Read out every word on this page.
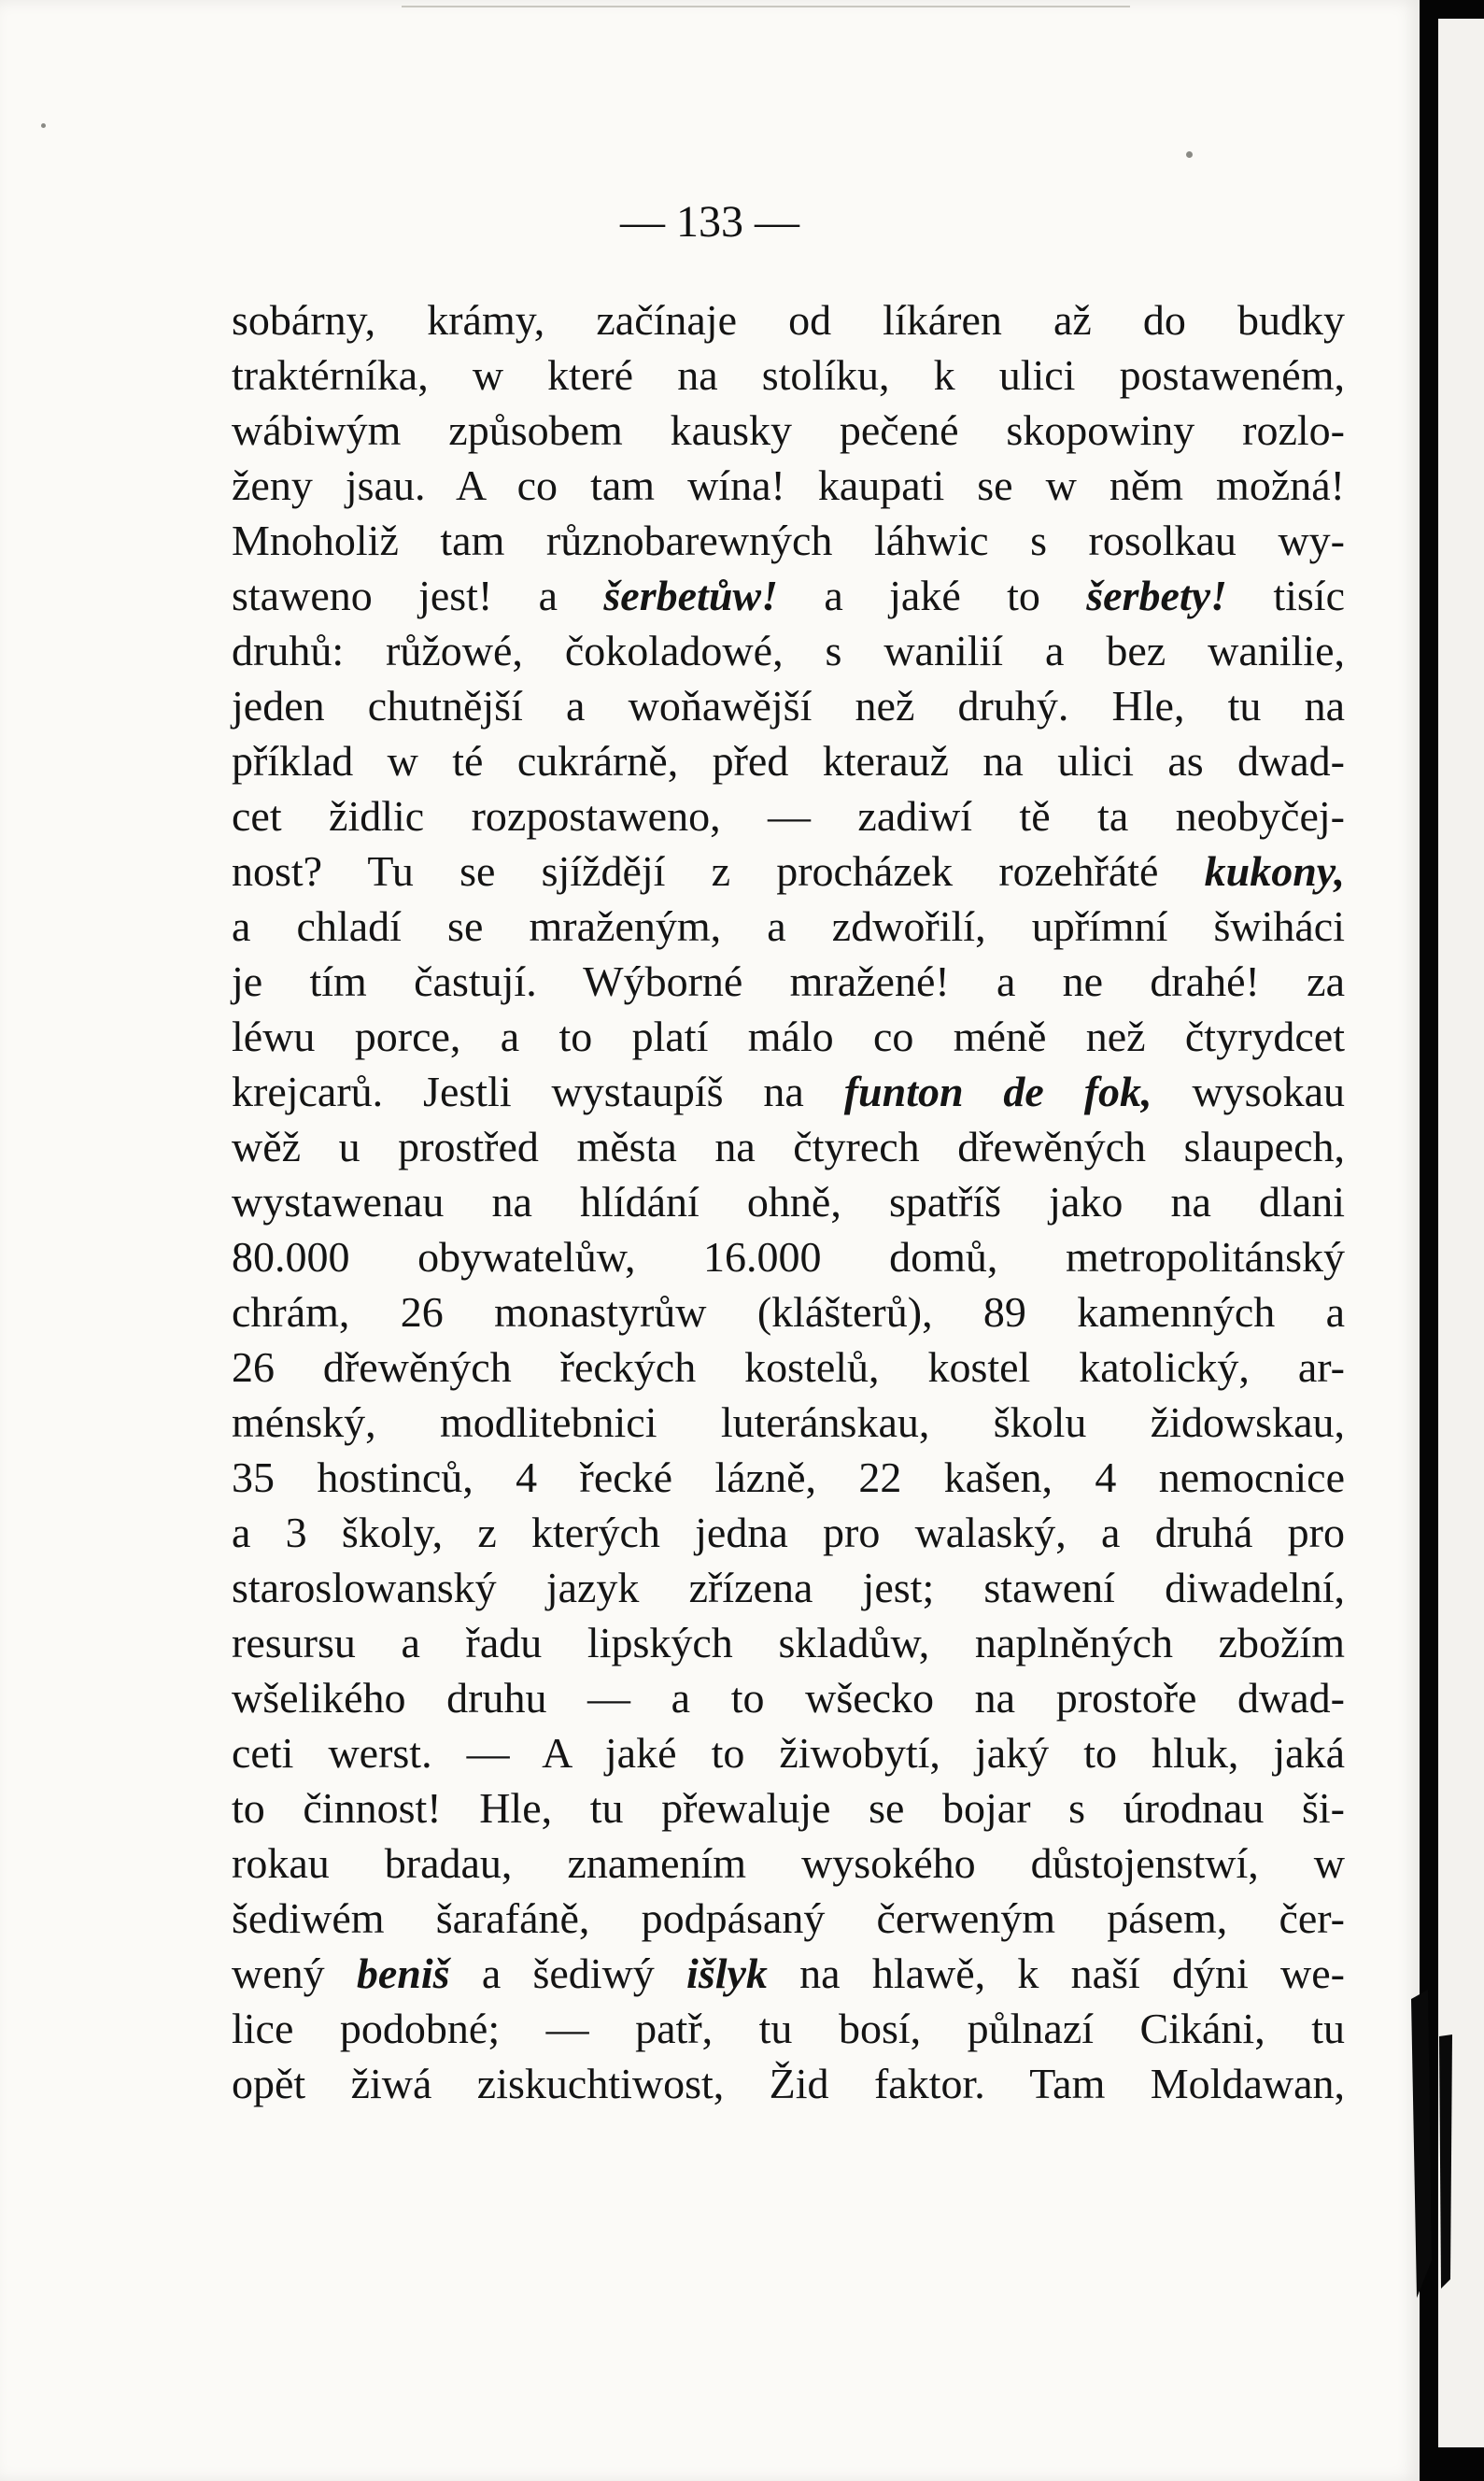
— 133 —
sobárny, krámy, začínaje od líkáren až do budky
traktérníka, w které na stolíku, k ulici postaweném,
wábiwým způsobem kausky pečené skopowiny rozlo-
ženy jsau. A co tam wína! kaupati se w něm možná!
Mnoholiž tam různobarewných láhwic s rosolkau wy-
staweno jest! a šerbetůw! a jaké to šerbety! tisíc
druhů: růžowé, čokoladowé, s wanilií a bez wanilie,
jeden chutnější a woňawější než druhý. Hle, tu na
příklad w té cukrárně, před kterauž na ulici as dwad-
cet židlic rozpostaweno, — zadiwí tě ta neobyčej-
nost? Tu se sjíždějí z procházek rozehřáté kukony,
a chladí se mraženým, a zdwořilí, upřímní šwiháci
je tím častují. Wýborné mražené! a ne drahé! za
léwu porce, a to platí málo co méně než čtyrydcet
krejcarů. Jestli wystaupíš na funton de fok, wysokau
wěž u prostřed města na čtyrech dřewěných slaupech,
wystawenau na hlídání ohně, spatříš jako na dlani
80.000 obywatelůw, 16.000 domů, metropolitánský
chrám, 26 monastyrůw (klášterů), 89 kamenných a
26 dřewěných řeckých kostelů, kostel katolický, ar-
ménský, modlitebnici luteránskau, školu židowskau,
35 hostinců, 4 řecké lázně, 22 kašen, 4 nemocnice
a 3 školy, z kterých jedna pro walaský, a druhá pro
staroslowanský jazyk zřízena jest; stawení diwadelní,
resursu a řadu lipských skladůw, naplněných zbožím
wšelikého druhu — a to wšecko na prostoře dwad-
ceti werst. — A jaké to žiwobytí, jaký to hluk, jaká
to činnost! Hle, tu přewaluje se bojar s úrodnau ši-
rokau bradau, znamením wysokého důstojenstwí, w
šediwém šarafáně, podpásaný čerweným pásem, čer-
wený beniš a šediwý išlyk na hlawě, k naší dýni we-
lice podobné; — patř, tu bosí, půlnazí Cikáni, tu
opět žiwá ziskuchtiwost, Žid faktor. Tam Moldawan,
